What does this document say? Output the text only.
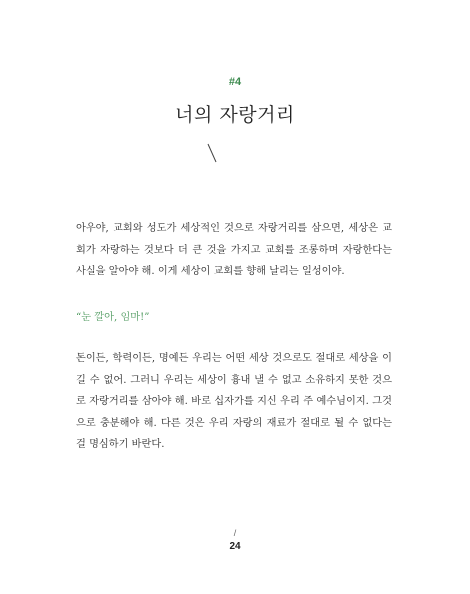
#4
너의 자랑거리

아우야, 교회와 성도가 세상적인 것으로 자랑거리를 삼으면, 세상은 교회가 자랑하는 것보다 더 큰 것을 가지고 교회를 조롱하며 자랑한다는 사실을 알아야 해. 이게 세상이 교회를 향해 날리는 일성이야.

“눈 깔아, 임마!”

돈이든, 학력이든, 명예든 우리는 어떤 세상 것으로도 절대로 세상을 이길 수 없어. 그러니 우리는 세상이 흉내 낼 수 없고 소유하지 못한 것으로 자랑거리를 삼아야 해. 바로 십자가를 지신 우리 주 예수님이지. 그것으로 충분해야 해. 다른 것은 우리 자랑의 재료가 절대로 될 수 없다는 걸 명심하기 바란다.

/
24
